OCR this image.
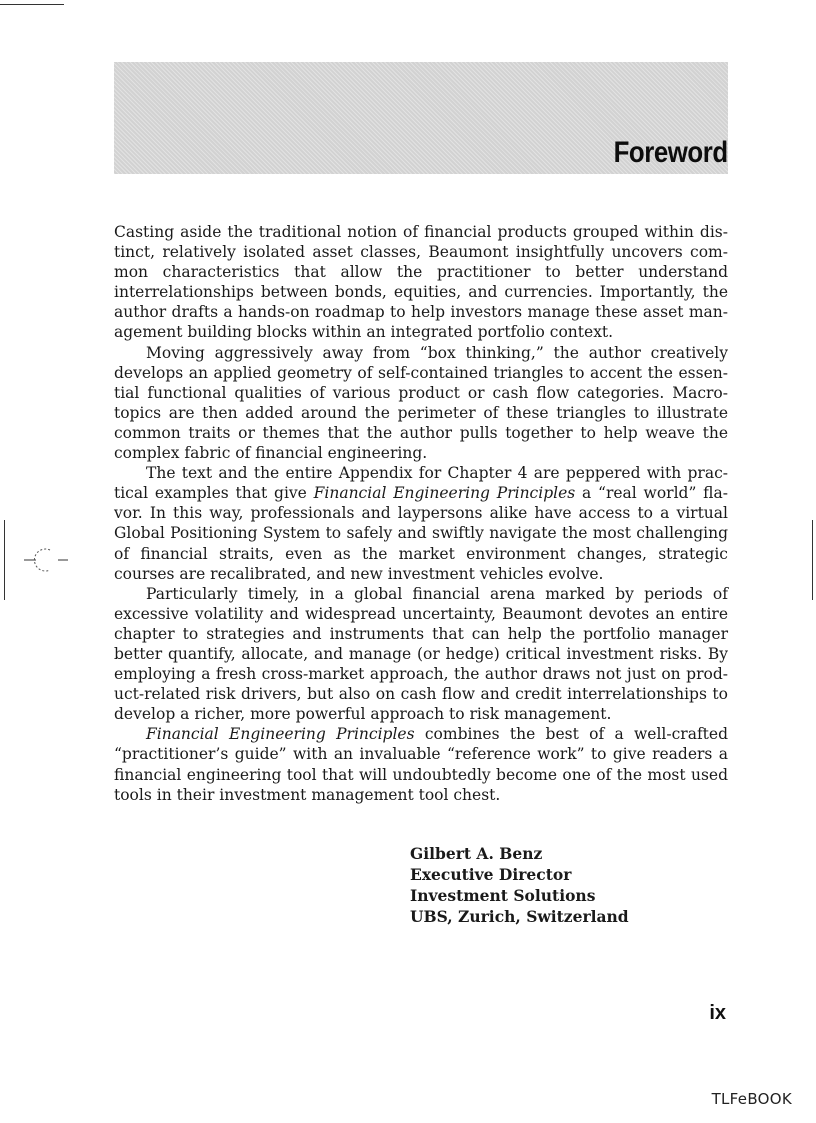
Foreword

Casting aside the traditional notion of financial products grouped within distinct, relatively isolated asset classes, Beaumont insightfully uncovers common characteristics that allow the practitioner to better understand interrelationships between bonds, equities, and currencies. Importantly, the author drafts a hands-on roadmap to help investors manage these asset management building blocks within an integrated portfolio context.

Moving aggressively away from “box thinking,” the author creatively develops an applied geometry of self-contained triangles to accent the essential functional qualities of various product or cash flow categories. Macrotopics are then added around the perimeter of these triangles to illustrate common traits or themes that the author pulls together to help weave the complex fabric of financial engineering.

The text and the entire Appendix for Chapter 4 are peppered with practical examples that give Financial Engineering Principles a “real world” flavor. In this way, professionals and laypersons alike have access to a virtual Global Positioning System to safely and swiftly navigate the most challenging of financial straits, even as the market environment changes, strategic courses are recalibrated, and new investment vehicles evolve.

Particularly timely, in a global financial arena marked by periods of excessive volatility and widespread uncertainty, Beaumont devotes an entire chapter to strategies and instruments that can help the portfolio manager better quantify, allocate, and manage (or hedge) critical investment risks. By employing a fresh cross-market approach, the author draws not just on product-related risk drivers, but also on cash flow and credit interrelationships to develop a richer, more powerful approach to risk management.

Financial Engineering Principles combines the best of a well-crafted “practitioner’s guide” with an invaluable “reference work” to give readers a financial engineering tool that will undoubtedly become one of the most used tools in their investment management tool chest.

Gilbert A. Benz
Executive Director
Investment Solutions
UBS, Zurich, Switzerland
ix
TLFeBOOK
